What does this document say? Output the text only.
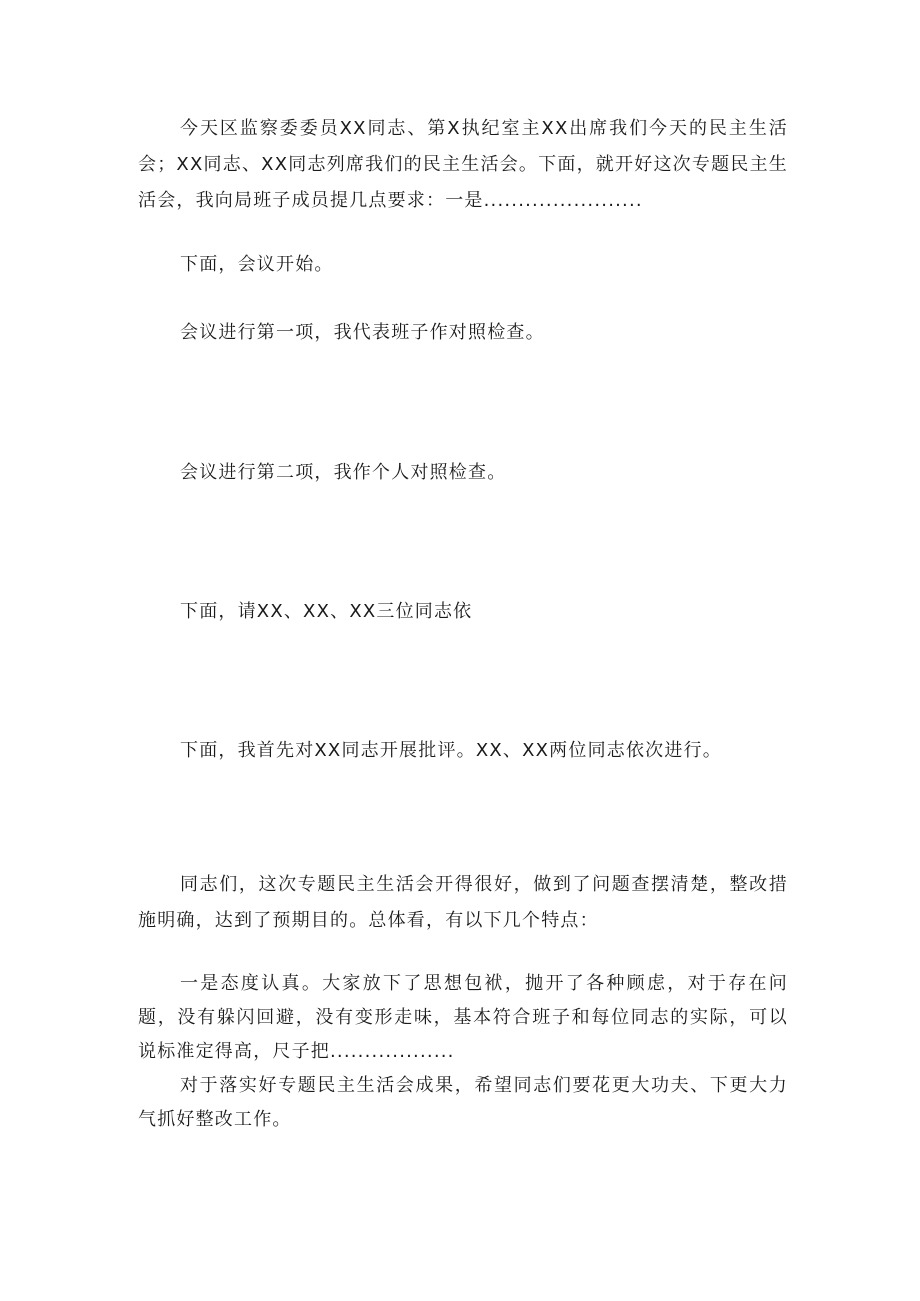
今天区监察委委员XX同志、第X执纪室主XX出席我们今天的民主生活会；XX同志、XX同志列席我们的民主生活会。下面，就开好这次专题民主生活会，我向局班子成员提几点要求：一是.......................

下面，会议开始。

会议进行第一项，我代表班子作对照检查。

会议进行第二项，我作个人对照检查。

下面，请XX、XX、XX三位同志依

下面，我首先对XX同志开展批评。XX、XX两位同志依次进行。

同志们，这次专题民主生活会开得很好，做到了问题查摆清楚，整改措施明确，达到了预期目的。总体看，有以下几个特点：

一是态度认真。大家放下了思想包袱，抛开了各种顾虑，对于存在问题，没有躲闪回避，没有变形走味，基本符合班子和每位同志的实际，可以说标准定得高，尺子把..................

对于落实好专题民主生活会成果，希望同志们要花更大功夫、下更大力气抓好整改工作。
